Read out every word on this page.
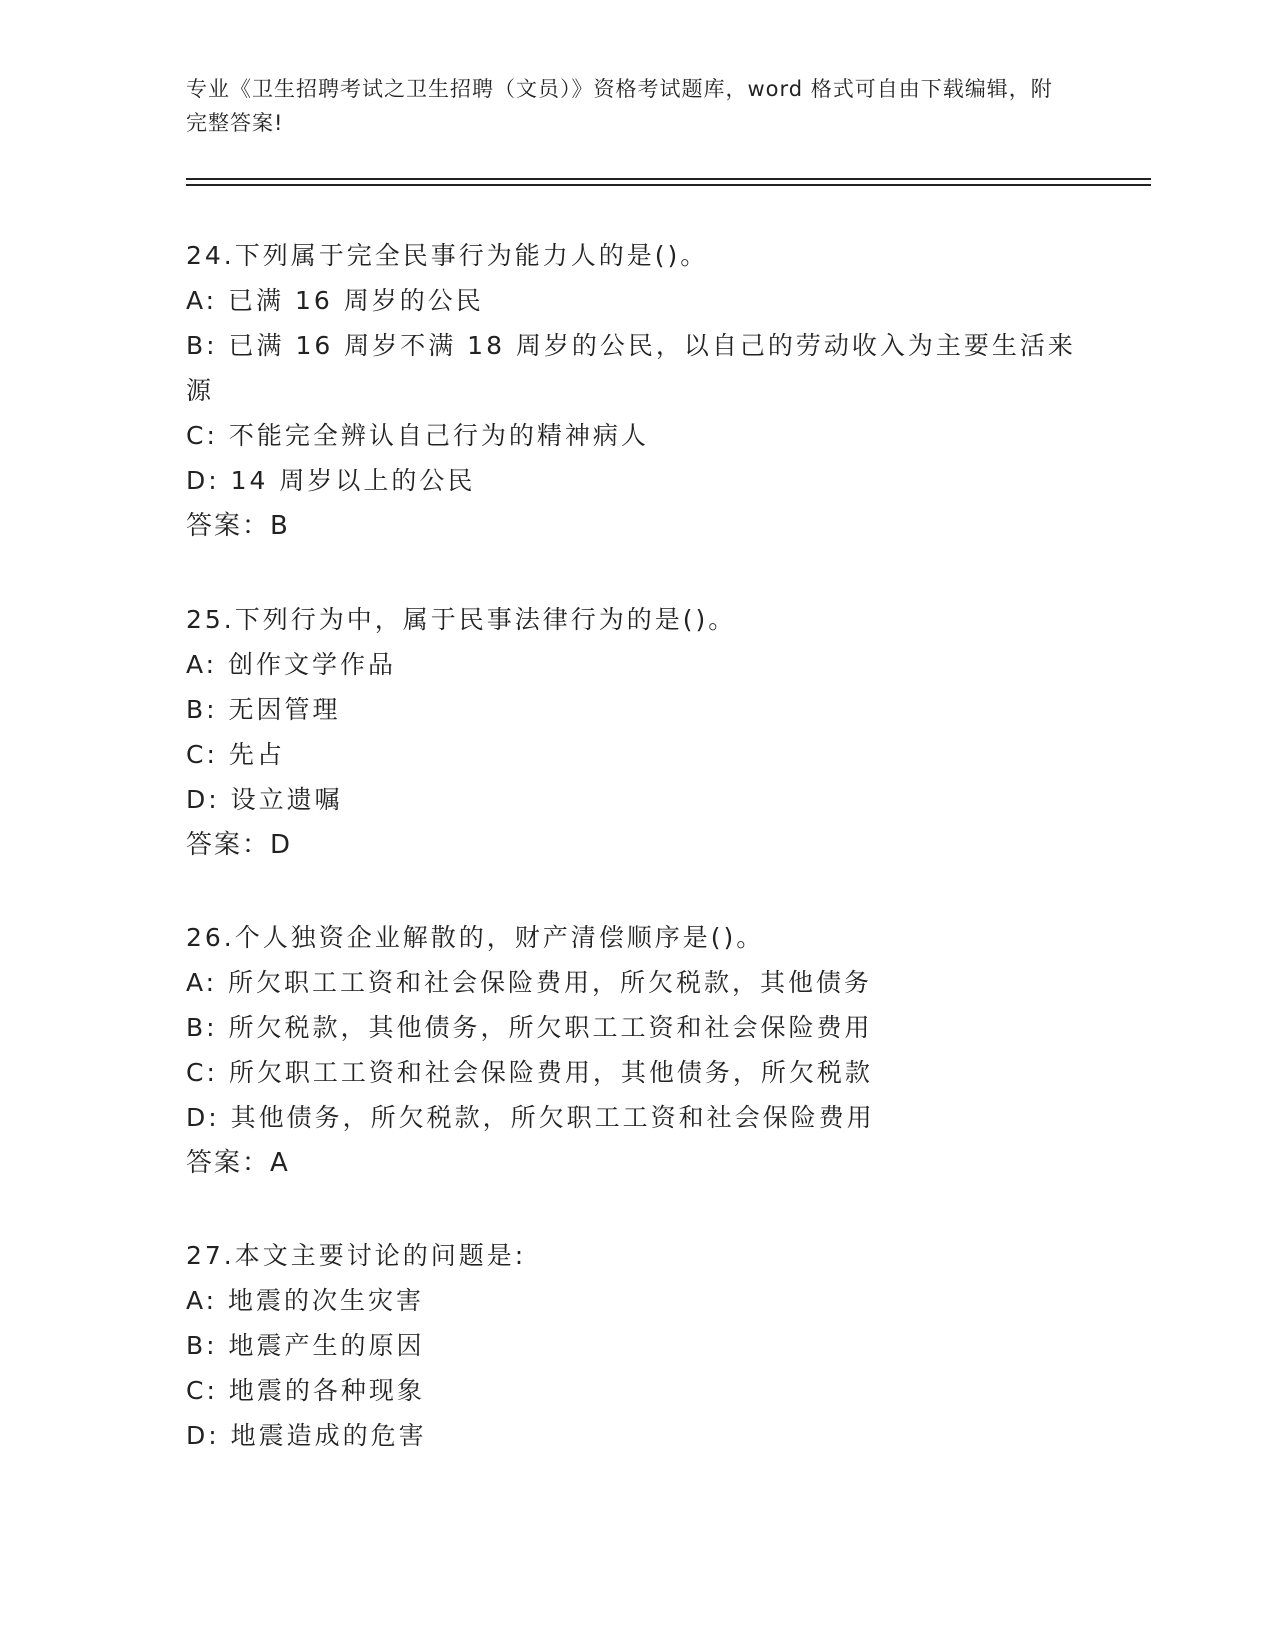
专业《卫生招聘考试之卫生招聘（文员）》资格考试题库，word 格式可自由下载编辑，附完整答案!
24.下列属于完全民事行为能力人的是()。
A: 已满 16 周岁的公民
B: 已满 16 周岁不满 18 周岁的公民，以自己的劳动收入为主要生活来源
C: 不能完全辨认自己行为的精神病人
D: 14 周岁以上的公民
答案：B
25.下列行为中，属于民事法律行为的是()。
A: 创作文学作品
B: 无因管理
C: 先占
D: 设立遗嘱
答案：D
26.个人独资企业解散的，财产清偿顺序是()。
A: 所欠职工工资和社会保险费用，所欠税款，其他债务
B: 所欠税款，其他债务，所欠职工工资和社会保险费用
C: 所欠职工工资和社会保险费用，其他债务，所欠税款
D: 其他债务，所欠税款，所欠职工工资和社会保险费用
答案：A
27.本文主要讨论的问题是:
A: 地震的次生灾害
B: 地震产生的原因
C: 地震的各种现象
D: 地震造成的危害
